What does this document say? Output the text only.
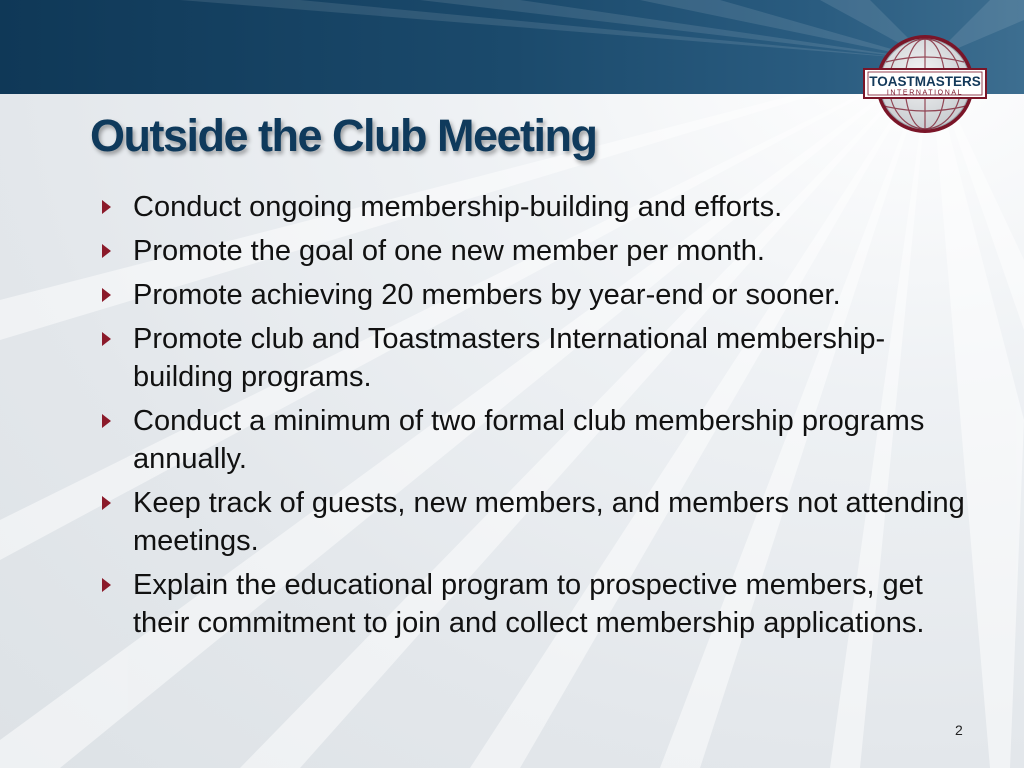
TOASTMASTERS
INTERNATIONAL
Outside the Club Meeting
Conduct ongoing membership-building and efforts.
Promote the goal of one new member per month.
Promote achieving 20 members by year-end or sooner.
Promote club and Toastmasters International membership-building programs.
Conduct a minimum of two formal club membership programs annually.
Keep track of guests, new members, and members not attending meetings.
Explain the educational program to prospective members, get their commitment to join and collect membership applications.
2
